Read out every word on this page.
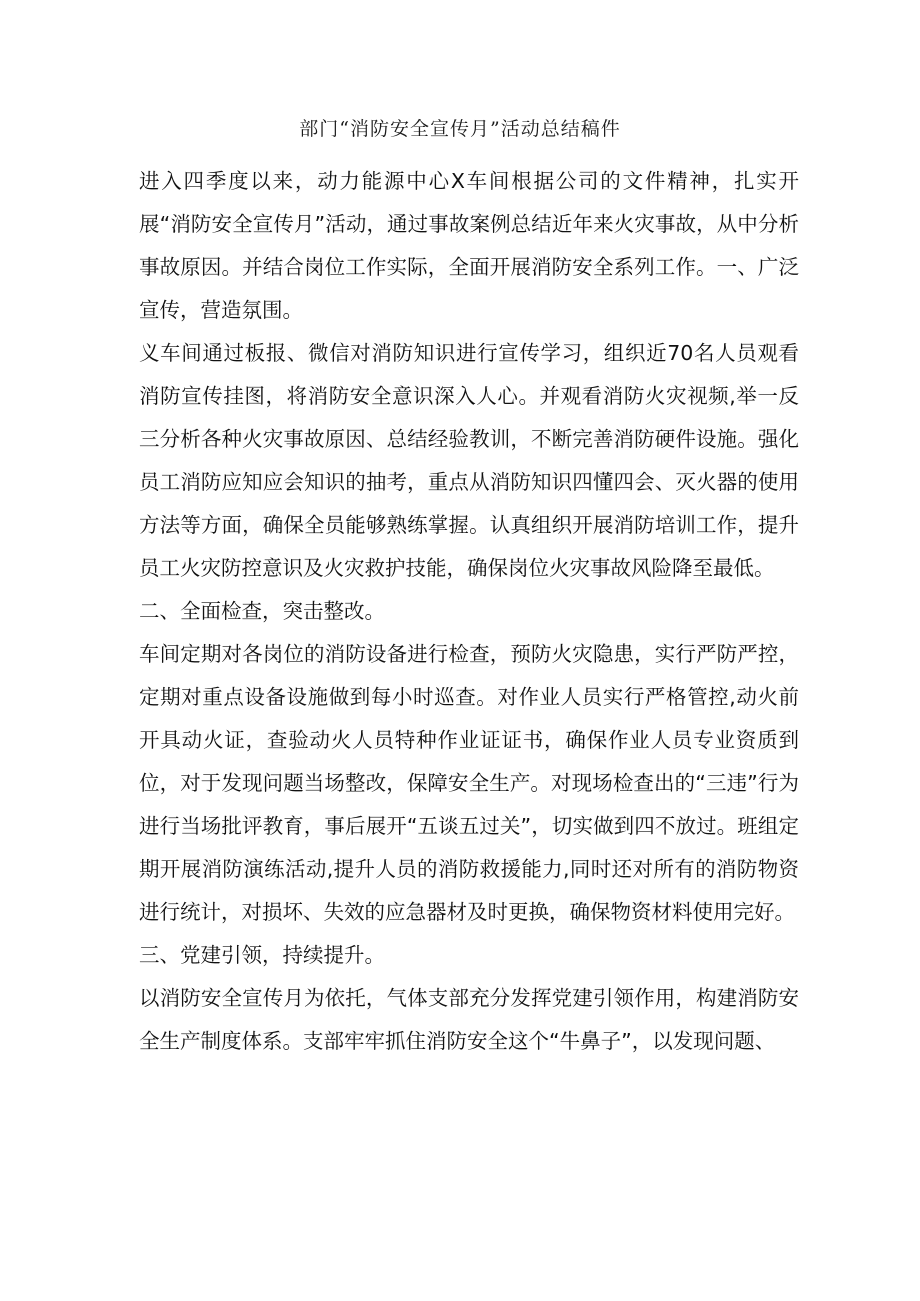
部门“消防安全宣传月”活动总结稿件

进入四季度以来，动力能源中心X车间根据公司的文件精神，扎实开展“消防安全宣传月”活动，通过事故案例总结近年来火灾事故，从中分析事故原因。并结合岗位工作实际，全面开展消防安全系列工作。一、广泛宣传，营造氛围。

义车间通过板报、微信对消防知识进行宣传学习，组织近70名人员观看消防宣传挂图，将消防安全意识深入人心。并观看消防火灾视频,举一反三分析各种火灾事故原因、总结经验教训，不断完善消防硬件设施。强化员工消防应知应会知识的抽考，重点从消防知识四懂四会、灭火器的使用方法等方面，确保全员能够熟练掌握。认真组织开展消防培训工作，提升员工火灾防控意识及火灾救护技能，确保岗位火灾事故风险降至最低。

二、全面检查，突击整改。

车间定期对各岗位的消防设备进行检查，预防火灾隐患，实行严防严控，定期对重点设备设施做到每小时巡查。对作业人员实行严格管控,动火前开具动火证，查验动火人员特种作业证证书，确保作业人员专业资质到位，对于发现问题当场整改，保障安全生产。对现场检查出的“三违”行为进行当场批评教育，事后展开“五谈五过关”，切实做到四不放过。班组定期开展消防演练活动,提升人员的消防救援能力,同时还对所有的消防物资进行统计，对损坏、失效的应急器材及时更换，确保物资材料使用完好。

三、党建引领，持续提升。

以消防安全宣传月为依托，气体支部充分发挥党建引领作用，构建消防安全生产制度体系。支部牢牢抓住消防安全这个“牛鼻子”，以发现问题、
